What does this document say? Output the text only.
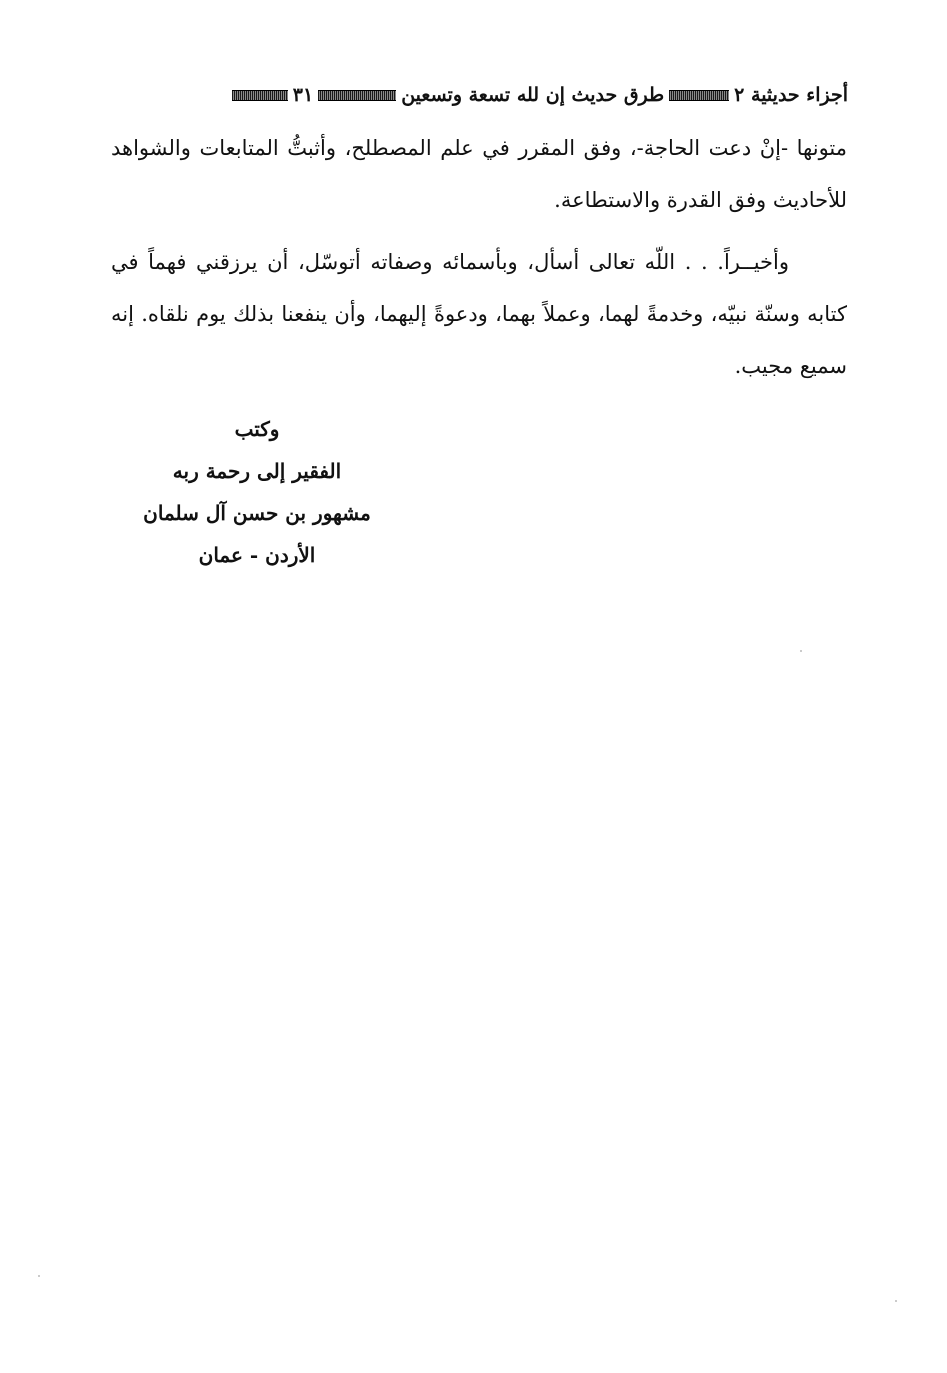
أجزاء حديثية ٢
طرق حديث إن لله تسعة وتسعين
٣١
متونها -إنْ دعت الحاجة-، وفق المقرر في علم المصطلح، وأثبتُّ المتابعات والشواهد للأحاديث وفق القدرة والاستطاعة.
وأخيــراً. . . اللّه تعالى أسأل، وبأسمائه وصفاته أتوسّل، أن يرزقني فهماً في كتابه وسنّة نبيّه، وخدمةً لهما، وعملاً بهما، ودعوةً إليهما، وأن ينفعنا بذلك يوم نلقاه. إنه سميع مجيب.
وكتب
الفقير إلى رحمة ربه
مشهور بن حسن آل سلمان
الأردن - عمان
